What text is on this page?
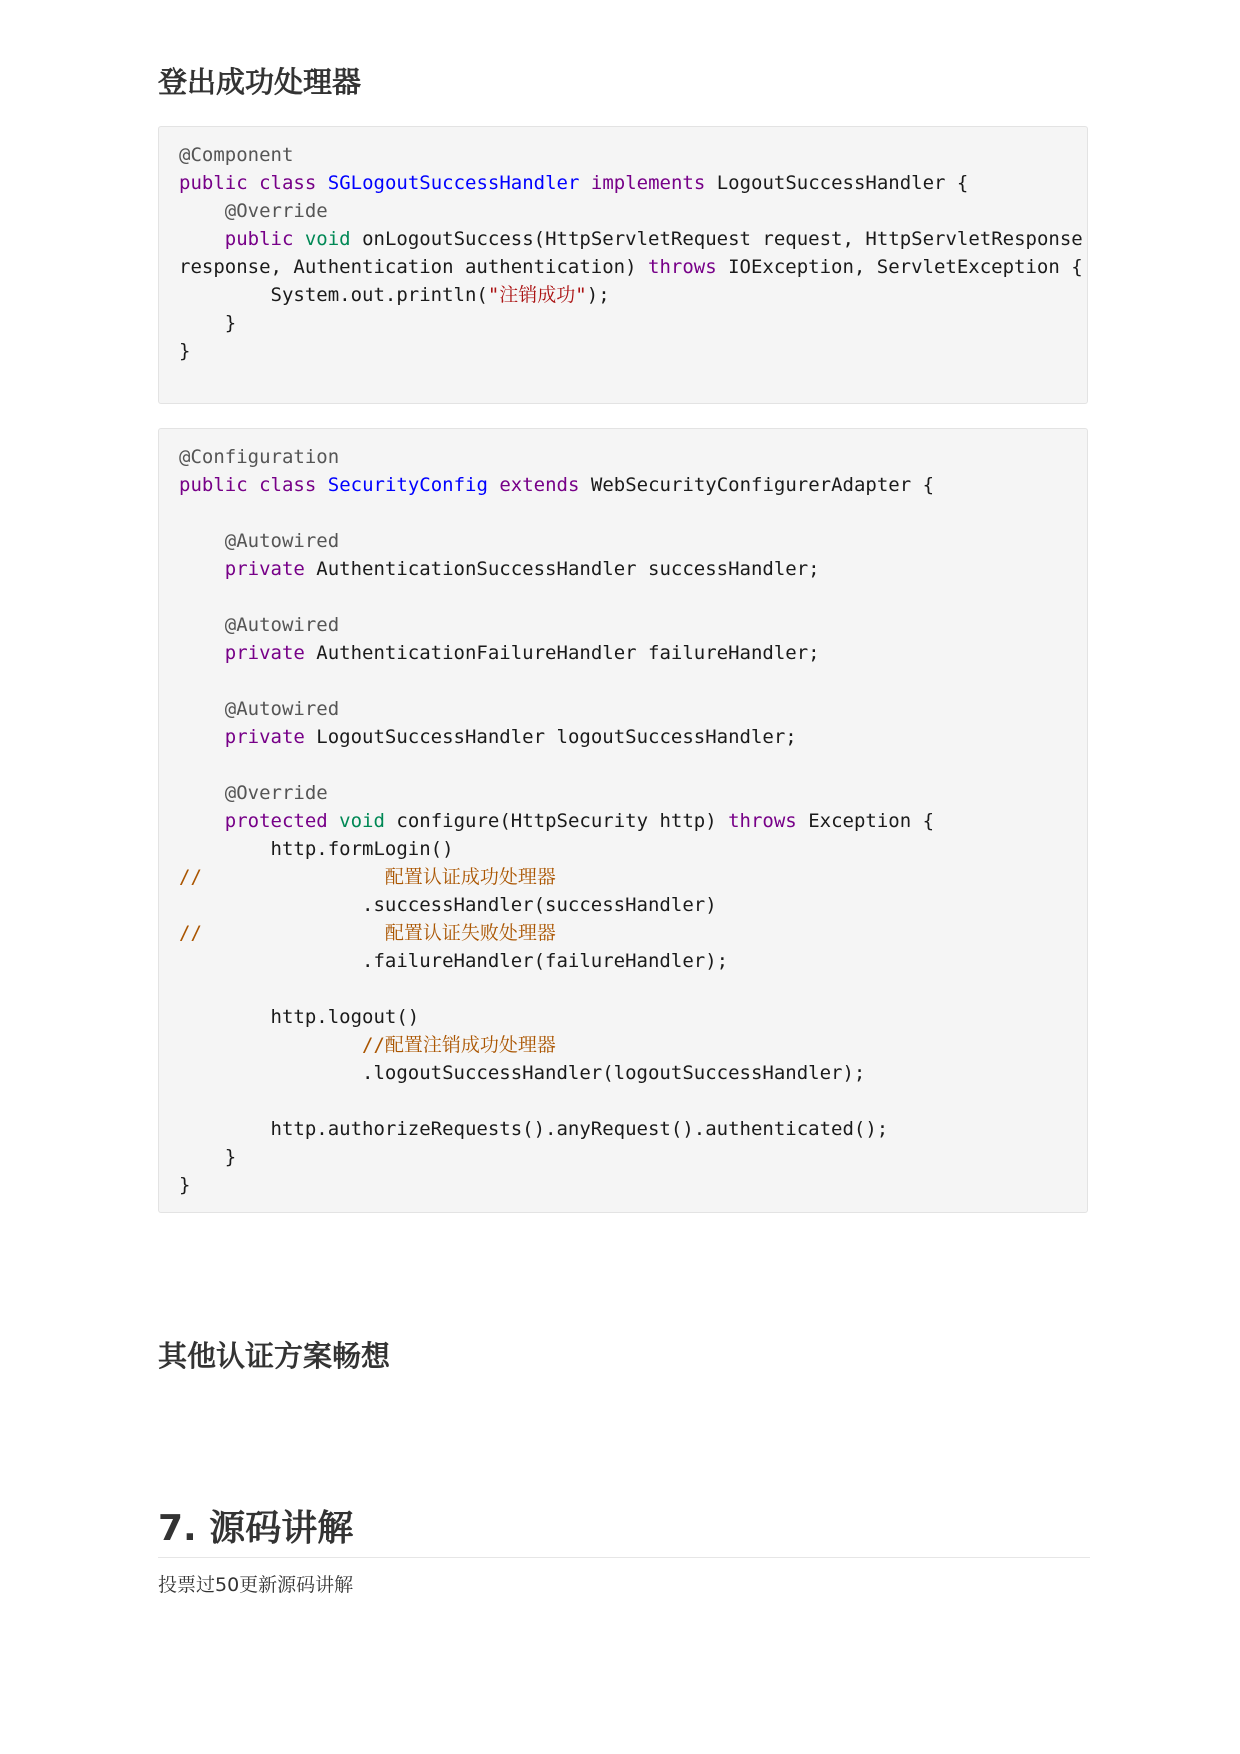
登出成功处理器
@Component
public class SGLogoutSuccessHandler implements LogoutSuccessHandler {
@Override
public void onLogoutSuccess(HttpServletRequest request, HttpServletResponse
response, Authentication authentication) throws IOException, ServletException {
System.out.println("注销成功");
}
}
@Configuration
public class SecurityConfig extends WebSecurityConfigurerAdapter {
@Autowired
private AuthenticationSuccessHandler successHandler;
@Autowired
private AuthenticationFailureHandler failureHandler;
@Autowired
private LogoutSuccessHandler logoutSuccessHandler;
@Override
protected void configure(HttpSecurity http) throws Exception {
http.formLogin()
//                配置认证成功处理器
.successHandler(successHandler)
//                配置认证失败处理器
.failureHandler(failureHandler);
http.logout()
//配置注销成功处理器
.logoutSuccessHandler(logoutSuccessHandler);
http.authorizeRequests().anyRequest().authenticated();
}
}
其他认证方案畅想
7. 源码讲解

投票过50更新源码讲解
